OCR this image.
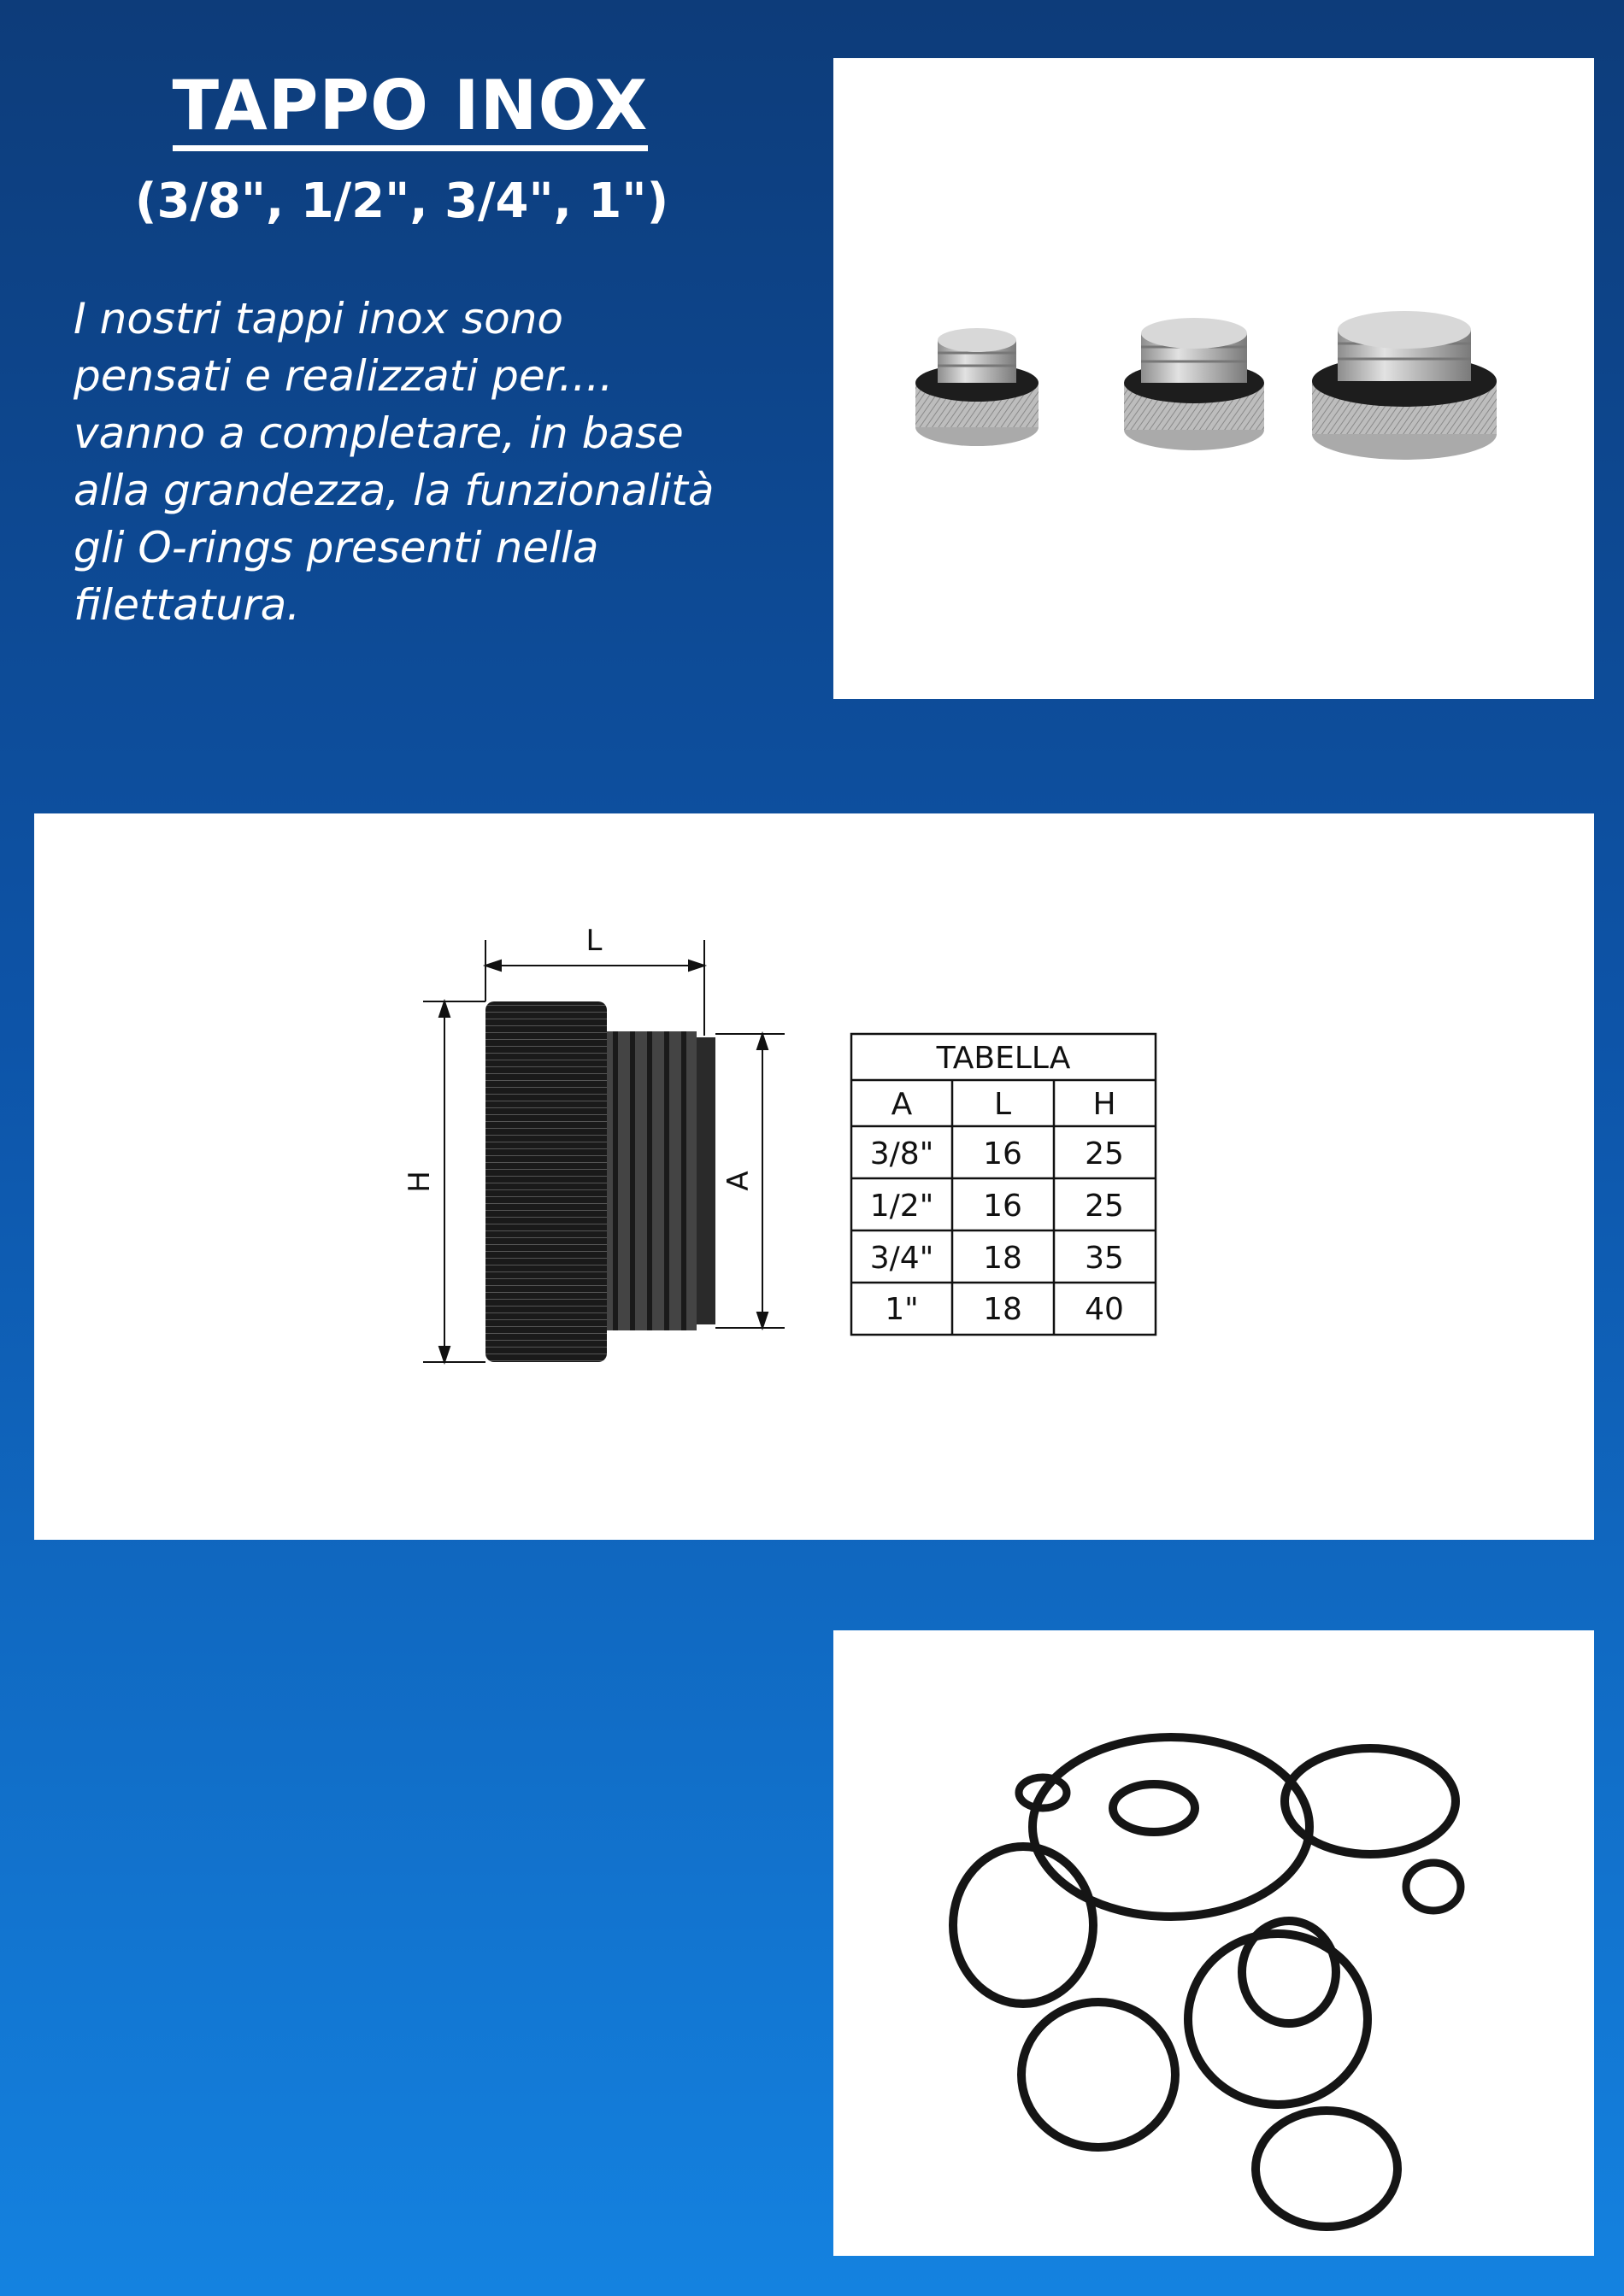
TAPPO INOX
(3/8", 1/2", 3/4", 1")
I nostri tappi inox sono
pensati e realizzati per....
vanno a completare, in base
alla grandezza, la funzionalità
gli O-rings presenti nella
filettatura.
L
H	A
TABELLA
A	L	H
3/8" 16 25
1/2" 16 25
3/4" 18 35
1" 18 40
